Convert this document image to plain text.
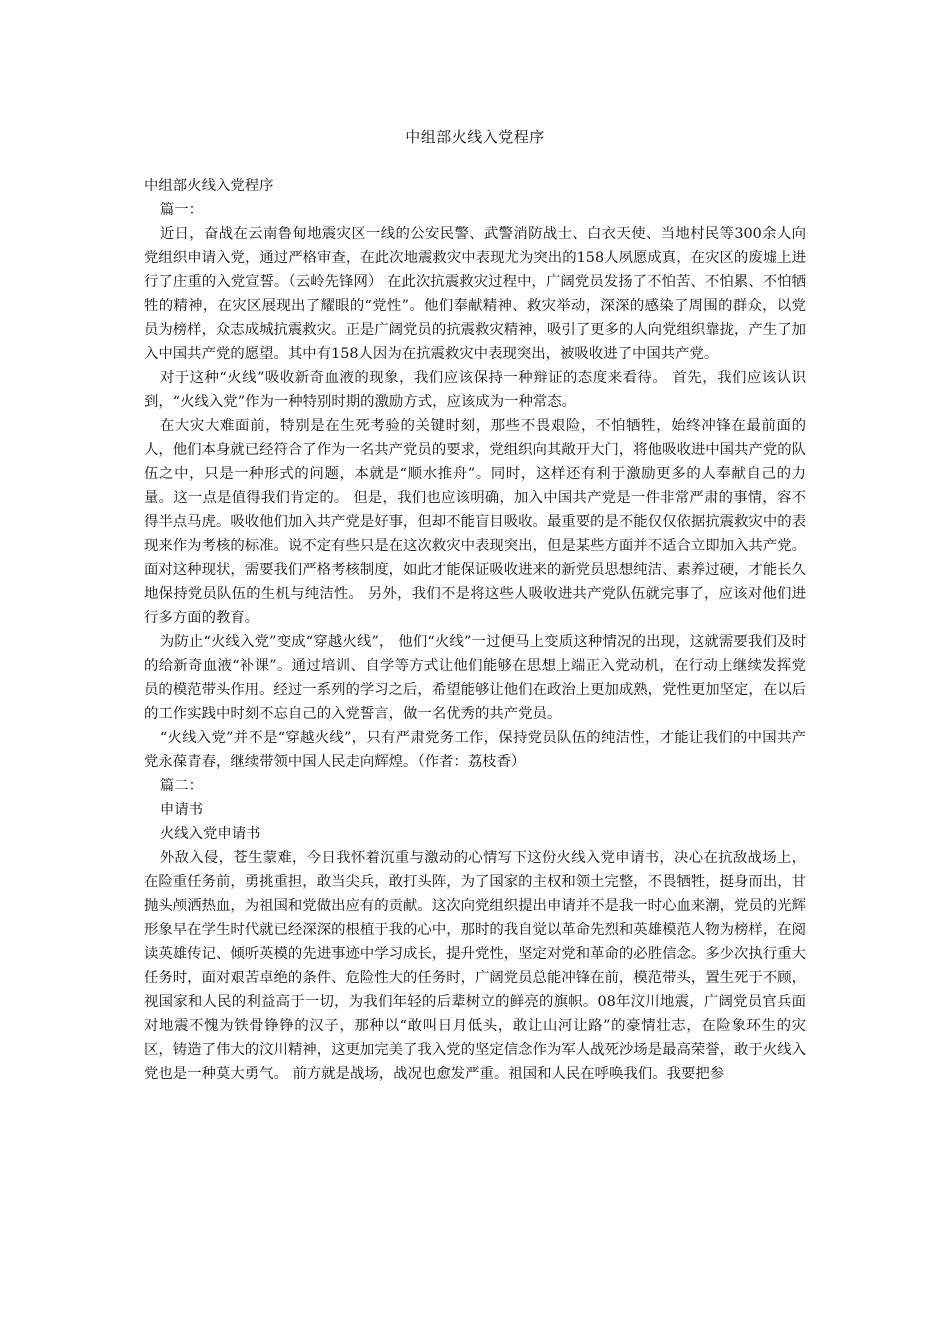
中组部火线入党程序

中组部火线入党程序

篇一：

近日，奋战在云南鲁甸地震灾区一线的公安民警、武警消防战士、白衣天使、当地村民等300余人向党组织申请入党，通过严格审查，在此次地震救灾中表现尤为突出的158人夙愿成真，在灾区的废墟上进行了庄重的入党宣誓。（云岭先锋网） 在此次抗震救灾过程中，广阔党员发扬了不怕苦、不怕累、不怕牺牲的精神，在灾区展现出了耀眼的“党性”。他们奉献精神、救灾举动，深深的感染了周围的群众，以党员为榜样，众志成城抗震救灾。正是广阔党员的抗震救灾精神，吸引了更多的人向党组织靠拢，产生了加入中国共产党的愿望。其中有158人因为在抗震救灾中表现突出，被吸收进了中国共产党。

对于这种“火线”吸收新奇血液的现象，我们应该保持一种辩证的态度来看待。 首先，我们应该认识到，“火线入党”作为一种特别时期的激励方式，应该成为一种常态。

在大灾大难面前，特别是在生死考验的关键时刻，那些不畏艰险，不怕牺牲，始终冲锋在最前面的人，他们本身就已经符合了作为一名共产党员的要求，党组织向其敞开大门，将他吸收进中国共产党的队伍之中，只是一种形式的问题，本就是“顺水推舟”。同时，这样还有利于激励更多的人奉献自己的力量。这一点是值得我们肯定的。 但是，我们也应该明确，加入中国共产党是一件非常严肃的事情，容不得半点马虎。吸收他们加入共产党是好事，但却不能盲目吸收。最重要的是不能仅仅依据抗震救灾中的表现来作为考核的标准。说不定有些只是在这次救灾中表现突出，但是某些方面并不适合立即加入共产党。面对这种现状，需要我们严格考核制度，如此才能保证吸收进来的新党员思想纯洁、素养过硬，才能长久地保持党员队伍的生机与纯洁性。 另外，我们不是将这些人吸收进共产党队伍就完事了，应该对他们进行多方面的教育。

为防止“火线入党”变成“穿越火线”， 他们“火线”一过便马上变质这种情况的出现，这就需要我们及时的给新奇血液“补课”。通过培训、自学等方式让他们能够在思想上端正入党动机，在行动上继续发挥党员的模范带头作用。经过一系列的学习之后，希望能够让他们在政治上更加成熟，党性更加坚定，在以后的工作实践中时刻不忘自己的入党誓言，做一名优秀的共产党员。

“火线入党”并不是“穿越火线”，只有严肃党务工作，保持党员队伍的纯洁性，才能让我们的中国共产党永葆青春，继续带领中国人民走向辉煌。（作者：荔枝香）

篇二：

申请书

火线入党申请书

外敌入侵，苍生蒙难，今日我怀着沉重与激动的心情写下这份火线入党申请书，决心在抗敌战场上，在险重任务前，勇挑重担，敢当尖兵，敢打头阵，为了国家的主权和领土完整，不畏牺牲，挺身而出，甘抛头颅洒热血，为祖国和党做出应有的贡献。这次向党组织提出申请并不是我一时心血来潮，党员的光辉形象早在学生时代就已经深深的根植于我的心中，那时的我自觉以革命先烈和英雄模范人物为榜样，在阅读英雄传记、倾听英模的先进事迹中学习成长，提升党性，坚定对党和革命的必胜信念。多少次执行重大任务时，面对艰苦卓绝的条件、危险性大的任务时，广阔党员总能冲锋在前，模范带头，置生死于不顾，视国家和人民的利益高于一切，为我们年轻的后辈树立的鲜亮的旗帜。08年汶川地震，广阔党员官兵面对地震不愧为铁骨铮铮的汉子，那种以“敢叫日月低头，敢让山河让路”的豪情壮志，在险象环生的灾区，铸造了伟大的汶川精神，这更加完美了我入党的坚定信念作为军人战死沙场是最高荣誉，敢于火线入党也是一种莫大勇气。 前方就是战场，战况也愈发严重。祖国和人民在呼唤我们。我要把参
